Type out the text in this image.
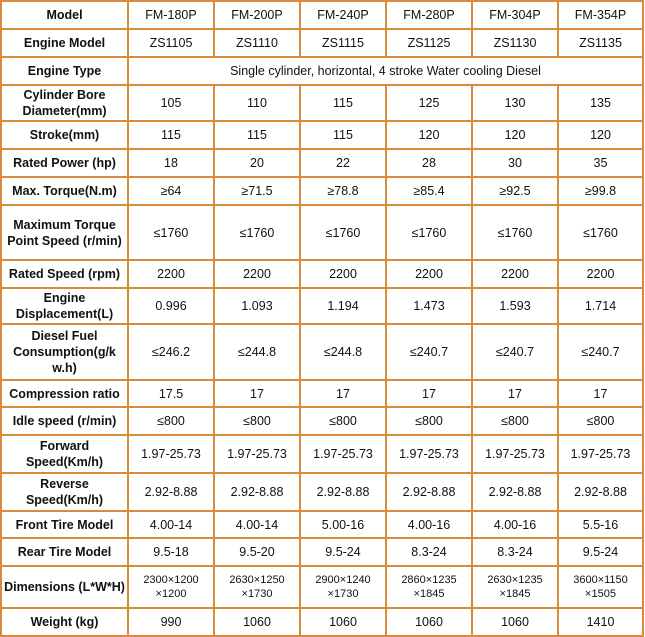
Model	FM-180P	FM-200P	FM-240P	FM-280P	FM-304P	FM-354P
Engine Model	ZS1105	ZS1110	ZS1115	ZS1125	ZS1130	ZS1135
Engine Type	Single cylinder, horizontal, 4 stroke Water cooling Diesel					
Cylinder Bore Diameter(mm)	105	110	115	125	130	135
Stroke(mm)	115	115	115	120	120	120
Rated Power (hp)	18	20	22	28	30	35
Max. Torque(N.m)	≥64	≥71.5	≥78.8	≥85.4	≥92.5	≥99.8
Maximum Torque Point Speed (r/min)	≤1760	≤1760	≤1760	≤1760	≤1760	≤1760
Rated Speed (rpm)	2200	2200	2200	2200	2200	2200
Engine Displacement(L)	0.996	1.093	1.194	1.473	1.593	1.714
Diesel Fuel Consumption(g/k w.h)	≤246.2	≤244.8	≤244.8	≤240.7	≤240.7	≤240.7
Compression ratio	17.5	17	17	17	17	17
Idle speed (r/min)	≤800	≤800	≤800	≤800	≤800	≤800
Forward Speed(Km/h)	1.97-25.73	1.97-25.73	1.97-25.73	1.97-25.73	1.97-25.73	1.97-25.73
Reverse Speed(Km/h)	2.92-8.88	2.92-8.88	2.92-8.88	2.92-8.88	2.92-8.88	2.92-8.88
Front Tire Model	4.00-14	4.00-14	5.00-16	4.00-16	4.00-16	5.5-16
Rear Tire Model	9.5-18	9.5-20	9.5-24	8.3-24	8.3-24	9.5-24
Dimensions (L*W*H)	2300×1200 ×1200	2630×1250 ×1730	2900×1240 ×1730	2860×1235 ×1845	2630×1235 ×1845	3600×1150 ×1505
Weight (kg)	990	1060	1060	1060	1060	1410
